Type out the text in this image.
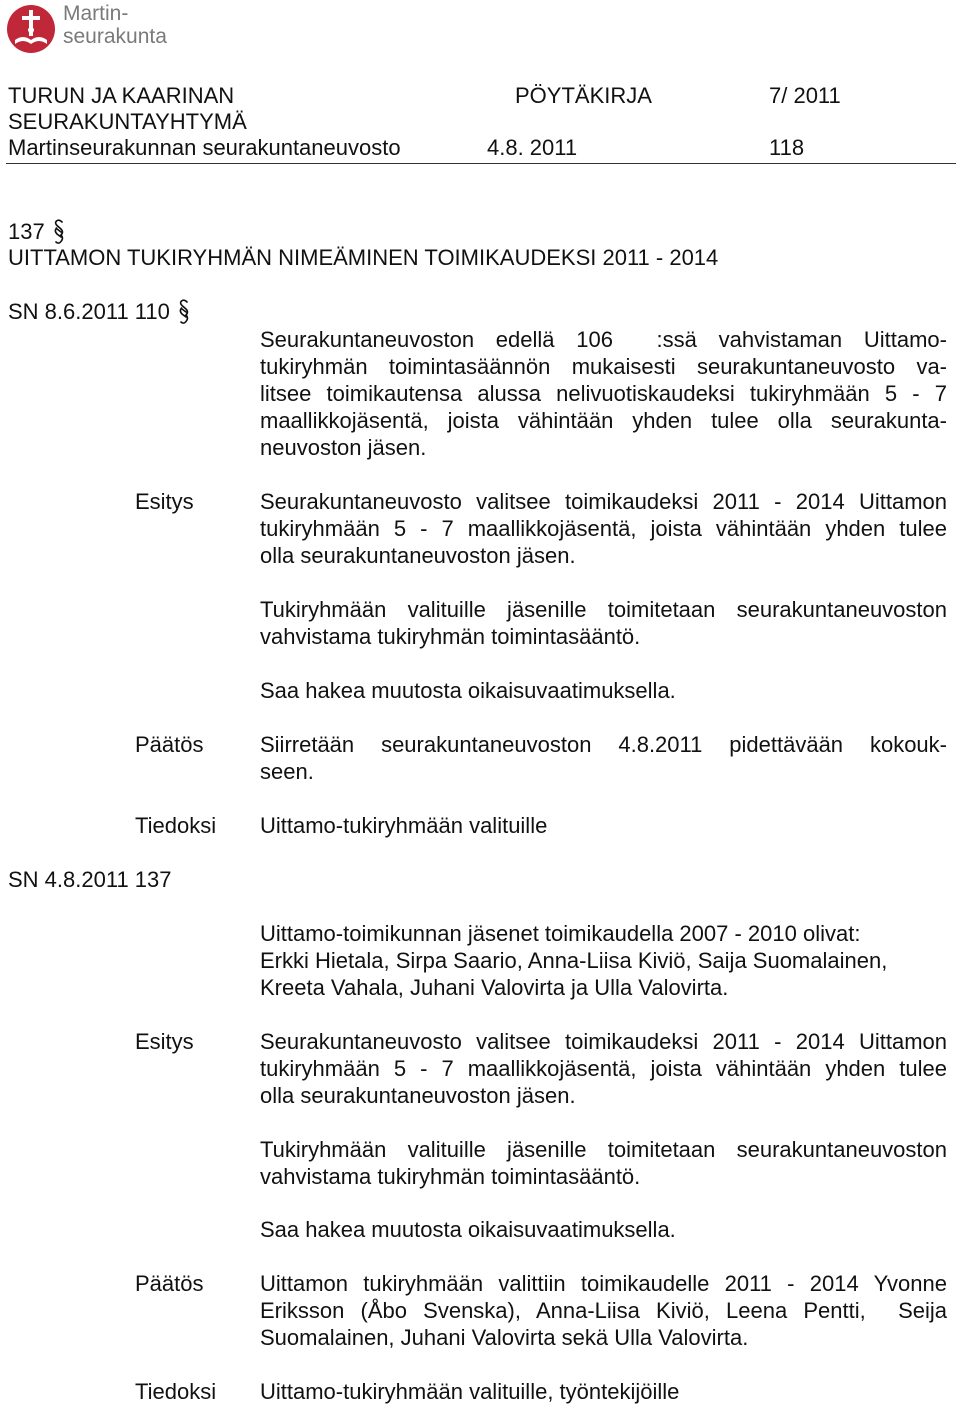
Martin-
seurakunta
TURUN JA KAARINAN
SEURAKUNTAYHTYMÄ
Martinseurakunnan seurakuntaneuvosto
PÖYTÄKIRJA	7/ 2011
4.8. 2011	118
137
UITTAMON TUKIRYHMÄN NIMEÄMINEN TOIMIKAUDEKSI 2011 - 2014
SN 8.6.2011 110
Seurakuntaneuvoston edellä 106  :ssä vahvistaman Uittamo-
tukiryhmän toimintasäännön mukaisesti seurakuntaneuvosto va-
litsee toimikautensa alussa nelivuotiskaudeksi tukiryhmään 5 - 7
maallikkojäsentä, joista vähintään yhden tulee olla seurakunta-
neuvoston jäsen.
Esitys	Seurakuntaneuvosto valitsee toimikaudeksi 2011 - 2014 Uittamon
tukiryhmään 5 - 7 maallikkojäsentä, joista vähintään yhden tulee
olla seurakuntaneuvoston jäsen.
Tukiryhmään valituille jäsenille toimitetaan seurakuntaneuvoston
vahvistama tukiryhmän toimintasääntö.
Saa hakea muutosta oikaisuvaatimuksella.
Päätös	Siirretään seurakuntaneuvoston 4.8.2011 pidettävään kokouk-
seen.
Tiedoksi Uittamo-tukiryhmään valituille
SN 4.8.2011 137
Uittamo-toimikunnan jäsenet toimikaudella 2007 - 2010 olivat:
Erkki Hietala, Sirpa Saario, Anna-Liisa Kiviö, Saija Suomalainen,
Kreeta Vahala, Juhani Valovirta ja Ulla Valovirta.
Esitys	Seurakuntaneuvosto valitsee toimikaudeksi 2011 - 2014 Uittamon
tukiryhmään 5 - 7 maallikkojäsentä, joista vähintään yhden tulee
olla seurakuntaneuvoston jäsen.
Tukiryhmään valituille jäsenille toimitetaan seurakuntaneuvoston
vahvistama tukiryhmän toimintasääntö.
Saa hakea muutosta oikaisuvaatimuksella.
Päätös	Uittamon tukiryhmään valittiin toimikaudelle 2011 - 2014 Yvonne
Eriksson (Åbo Svenska), Anna-Liisa Kiviö, Leena Pentti,  Seija
Suomalainen, Juhani Valovirta sekä Ulla Valovirta.
Tiedoksi Uittamo-tukiryhmään valituille, työntekijöille
